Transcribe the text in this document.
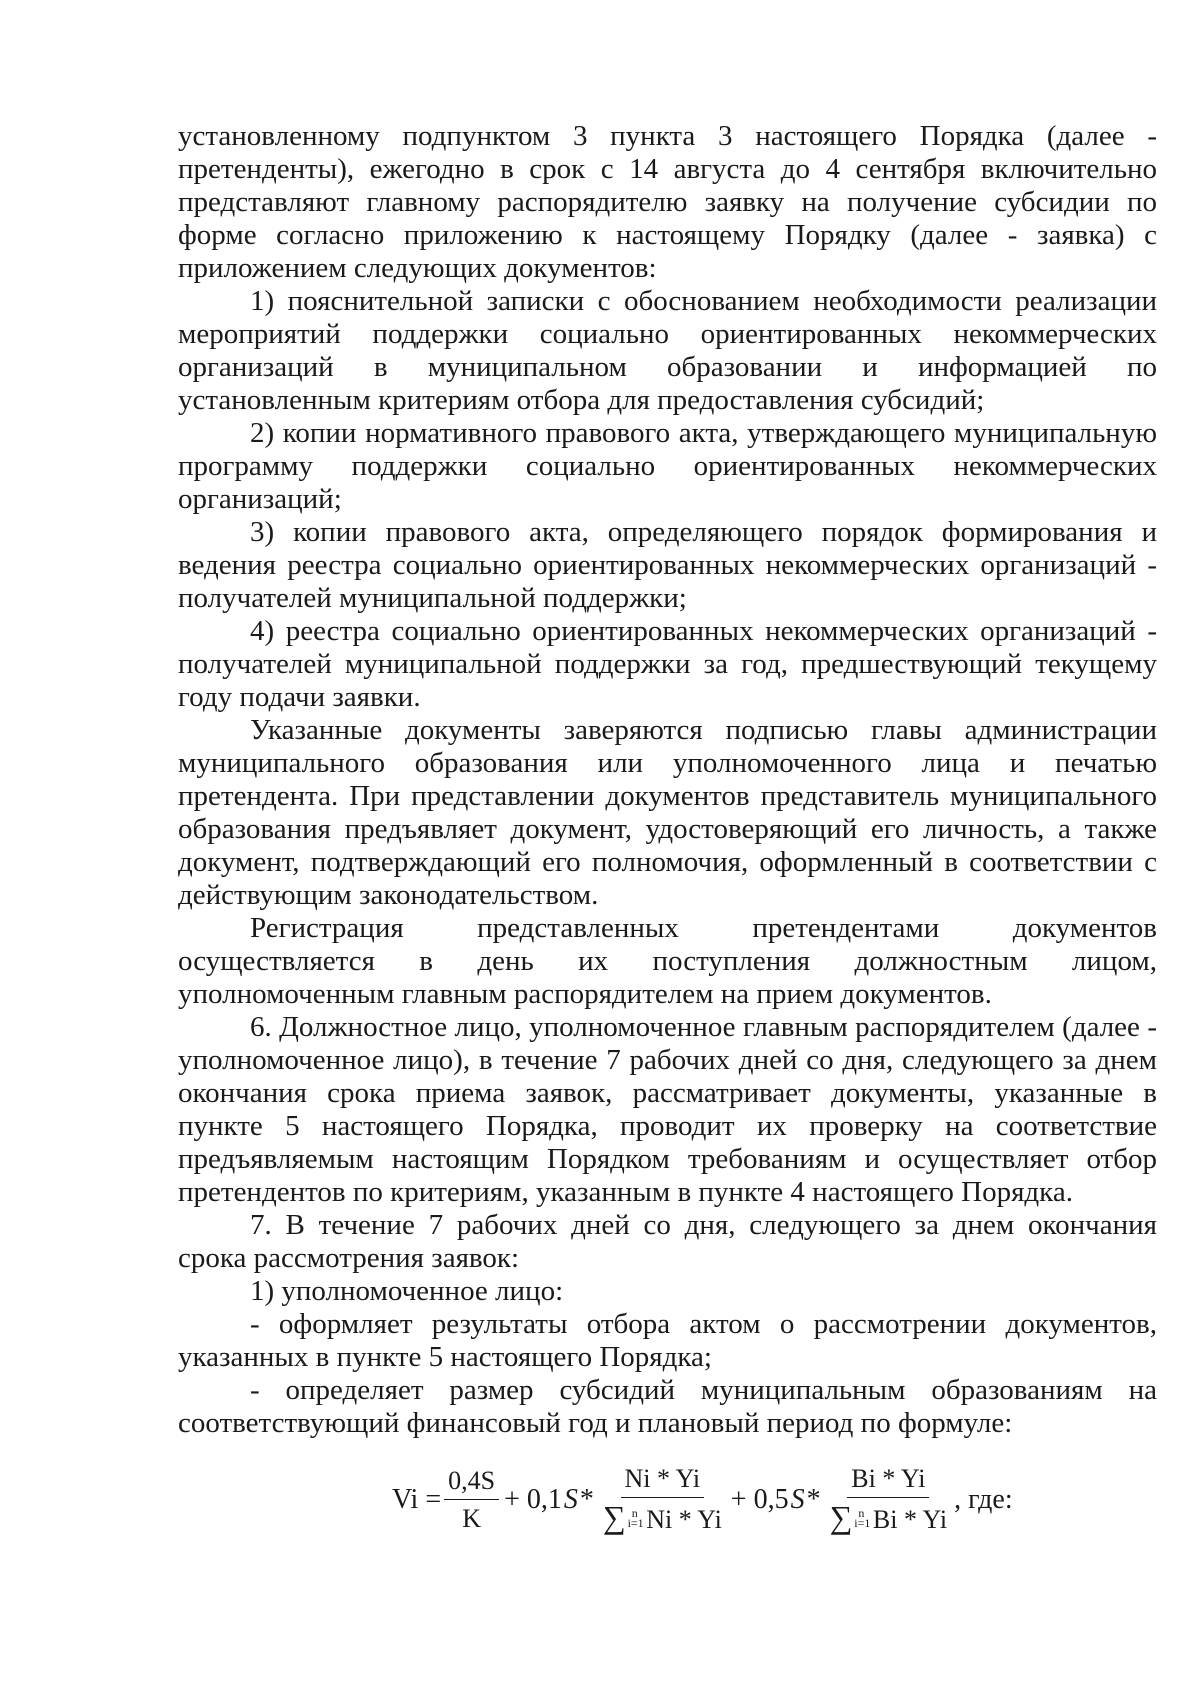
установленному подпунктом 3 пункта 3 настоящего Порядка (далее - претенденты), ежегодно в срок с 14 августа до 4 сентября включительно представляют главному распорядителю заявку на получение субсидии по форме согласно приложению к настоящему Порядку (далее - заявка) с приложением следующих документов:

1) пояснительной записки с обоснованием необходимости реализации мероприятий поддержки социально ориентированных некоммерческих организаций в муниципальном образовании и информацией по установленным критериям отбора для предоставления субсидий;

2) копии нормативного правового акта, утверждающего муниципальную программу поддержки социально ориентированных некоммерческих организаций;

3) копии правового акта, определяющего порядок формирования и ведения реестра социально ориентированных некоммерческих организаций - получателей муниципальной поддержки;

4) реестра социально ориентированных некоммерческих организаций - получателей муниципальной поддержки за год, предшествующий текущему году подачи заявки.

Указанные документы заверяются подписью главы администрации муниципального образования или уполномоченного лица и печатью претендента. При представлении документов представитель муниципального образования предъявляет документ, удостоверяющий его личность, а также документ, подтверждающий его полномочия, оформленный в соответствии с действующим законодательством.

Регистрация представленных претендентами документов осуществляется в день их поступления должностным лицом, уполномоченным главным распорядителем на прием документов.

6. Должностное лицо, уполномоченное главным распорядителем (далее - уполномоченное лицо), в течение 7 рабочих дней со дня, следующего за днем окончания срока приема заявок, рассматривает документы, указанные в пункте 5 настоящего Порядка, проводит их проверку на соответствие предъявляемым настоящим Порядком требованиям и осуществляет отбор претендентов по критериям, указанным в пункте 4 настоящего Порядка.

7. В течение 7 рабочих дней со дня, следующего за днем окончания срока рассмотрения заявок:

1) уполномоченное лицо:

- оформляет результаты отбора актом о рассмотрении документов, указанных в пункте 5 настоящего Порядка;

- определяет размер субсидий муниципальным образованиям на соответствующий финансовый год и плановый период по формуле:

$Vi = \frac{0,4S}{K} + 0,1$ S * Ni * Yi
∑ n
i=1 Ni * Yi + 0,5 S * Bi * Yi
∑ n
i=1 Bi * Yi , где:
